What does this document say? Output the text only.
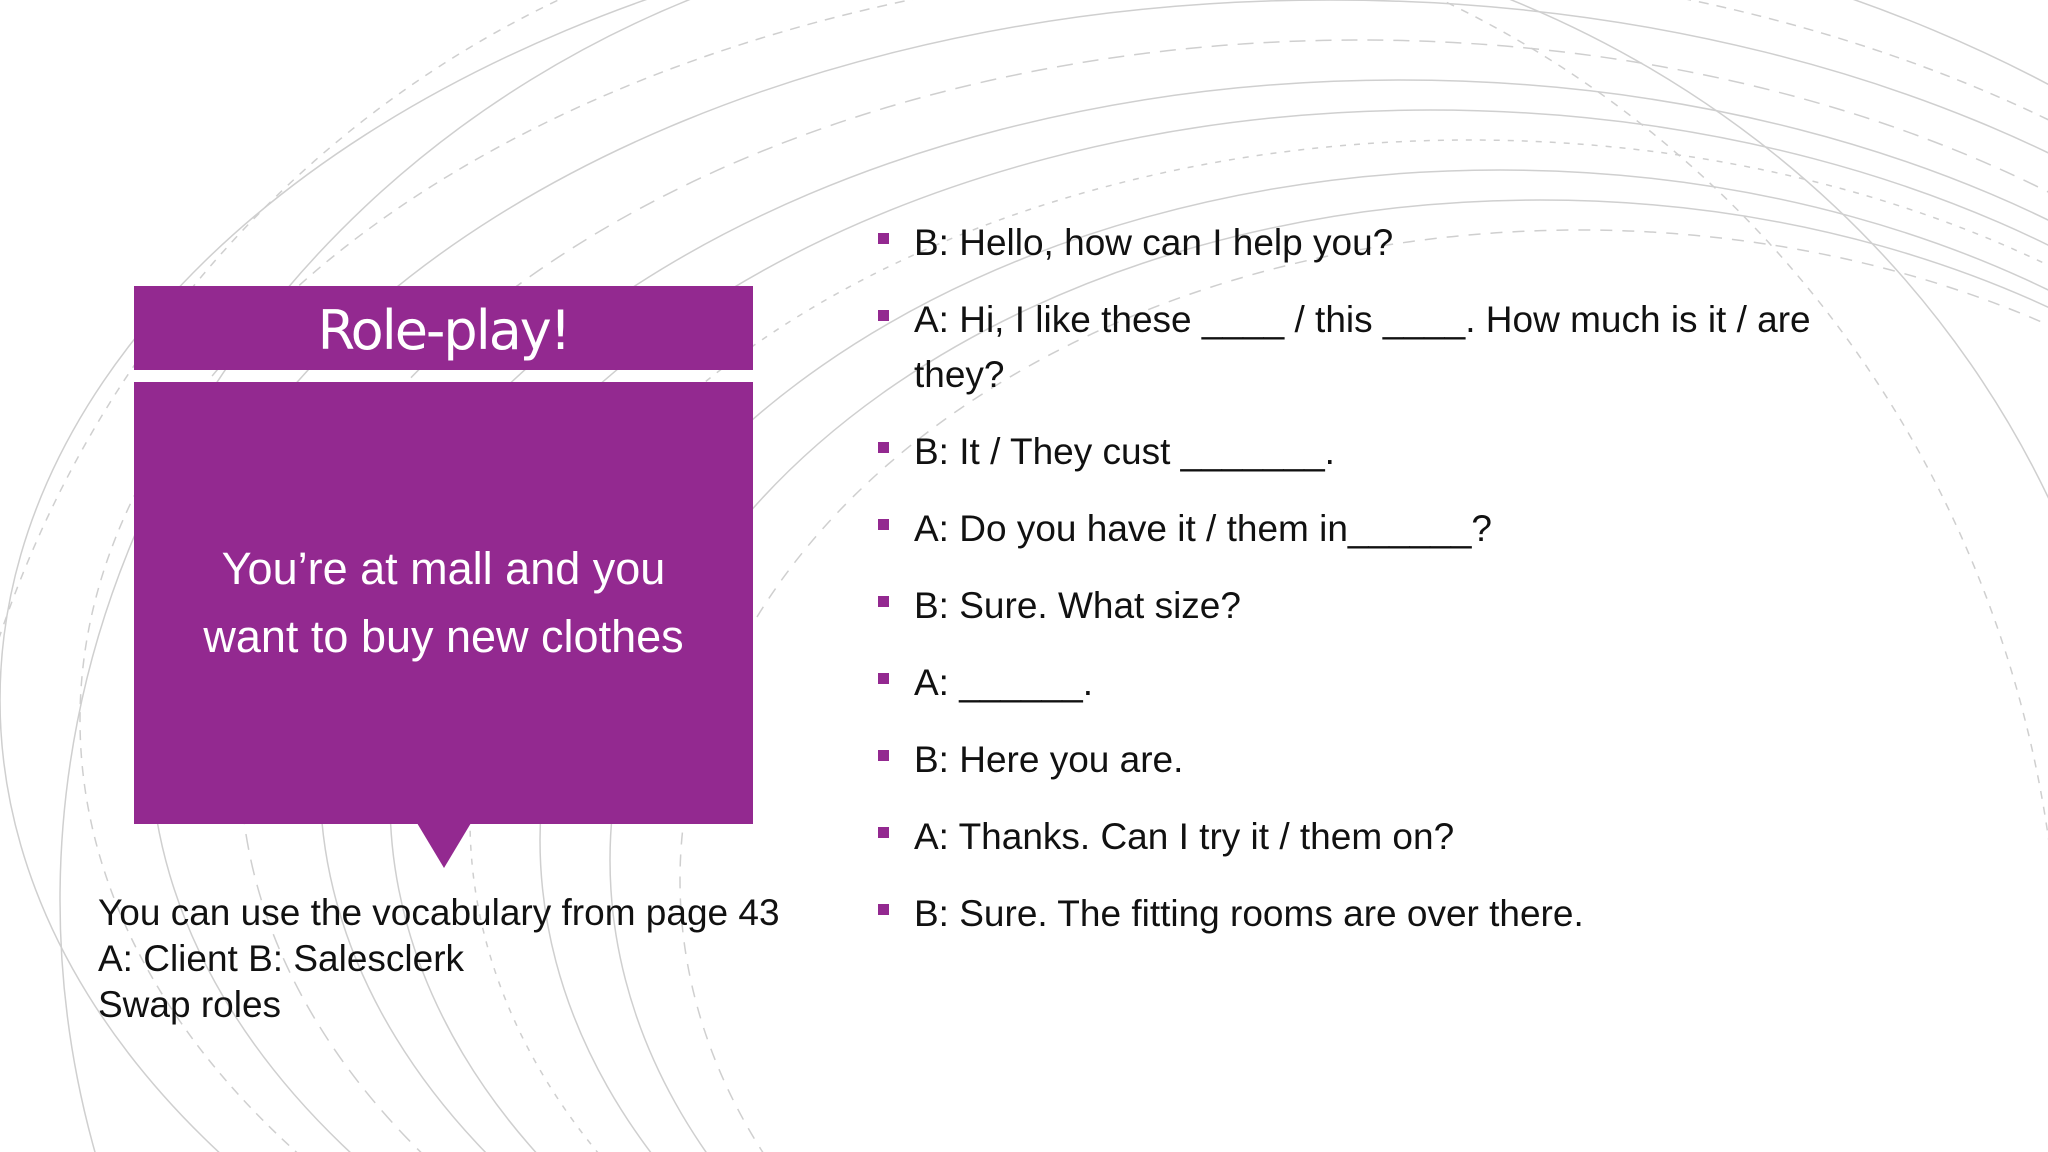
Role-play!
You’re at mall and you
want to buy new clothes
You can use the vocabulary from page 43
A: Client B: Salesclerk
Swap roles
B: Hello, how can I help you?
A: Hi, I like these ____ / this ____. How much is it / are they?
B: It / They cust _______.
A: Do you have it / them in______?
B: Sure. What size?
A: ______.
B: Here you are.
A: Thanks. Can I try it / them on?
B: Sure. The fitting rooms are over there.
